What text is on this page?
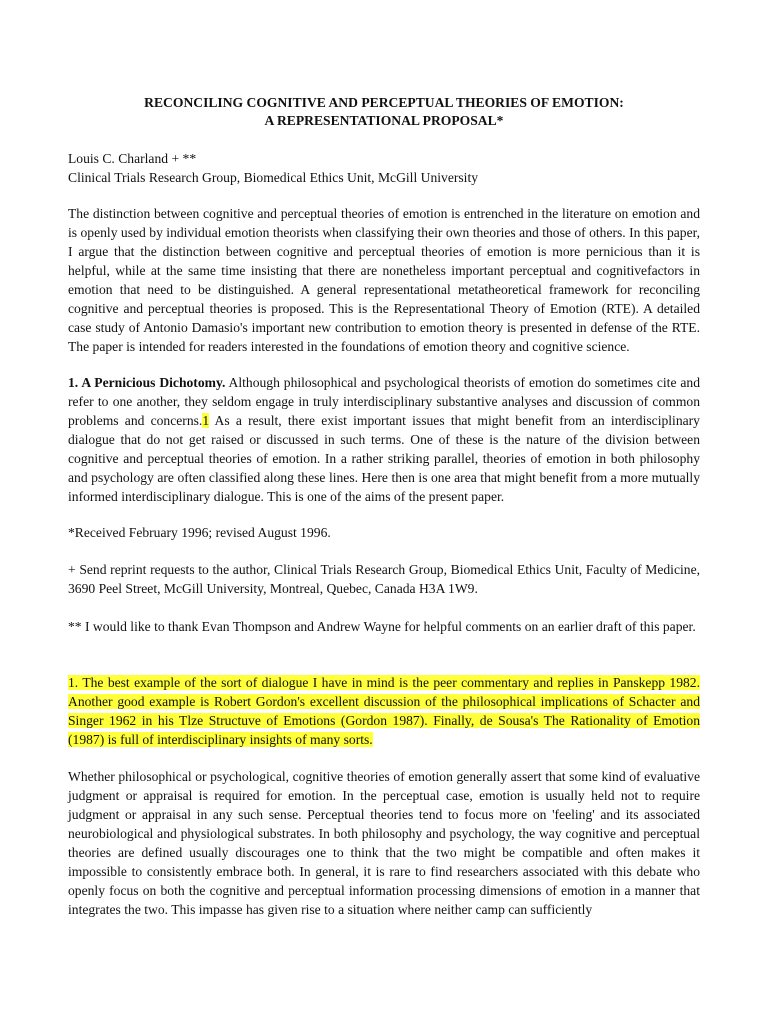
RECONCILING COGNITIVE AND PERCEPTUAL THEORIES OF EMOTION:
A REPRESENTATIONAL PROPOSAL*

Louis C. Charland + **

Clinical Trials Research Group, Biomedical Ethics Unit, McGill University

The distinction between cognitive and perceptual theories of emotion is entrenched in the literature on emotion and is openly used by individual emotion theorists when classifying their own theories and those of others. In this paper, I argue that the distinction between cognitive and perceptual theories of emotion is more pernicious than it is helpful, while at the same time insisting that there are nonetheless important perceptual and cognitivefactors in emotion that need to be distinguished. A general representational metatheoretical framework for reconciling cognitive and perceptual theories is proposed. This is the Representational Theory of Emotion (RTE). A detailed case study of Antonio Damasio's important new contribution to emotion theory is presented in defense of the RTE. The paper is intended for readers interested in the foundations of emotion theory and cognitive science.

1. A Pernicious Dichotomy. Although philosophical and psychological theorists of emotion do sometimes cite and refer to one another, they seldom engage in truly interdisciplinary substantive analyses and discussion of common problems and concerns.1 As a result, there exist important issues that might benefit from an interdisciplinary dialogue that do not get raised or discussed in such terms. One of these is the nature of the division between cognitive and perceptual theories of emotion. In a rather striking parallel, theories of emotion in both philosophy and psychology are often classified along these lines. Here then is one area that might benefit from a more mutually informed interdisciplinary dialogue. This is one of the aims of the present paper.

*Received February 1996; revised August 1996.

+ Send reprint requests to the author, Clinical Trials Research Group, Biomedical Ethics Unit, Faculty of Medicine, 3690 Peel Street, McGill University, Montreal, Quebec, Canada H3A 1W9.

** I would like to thank Evan Thompson and Andrew Wayne for helpful comments on an earlier draft of this paper.

1. The best example of the sort of dialogue I have in mind is the peer commentary and replies in Panskepp 1982. Another good example is Robert Gordon's excellent discussion of the philosophical implications of Schacter and Singer 1962 in his Tlze Structuve of Emotions (Gordon 1987). Finally, de Sousa's The Rationality of Emotion (1987) is full of interdisciplinary insights of many sorts.

Whether philosophical or psychological, cognitive theories of emotion generally assert that some kind of evaluative judgment or appraisal is required for emotion. In the perceptual case, emotion is usually held not to require judgment or appraisal in any such sense. Perceptual theories tend to focus more on 'feeling' and its associated neurobiological and physiological substrates. In both philosophy and psychology, the way cognitive and perceptual theories are defined usually discourages one to think that the two might be compatible and often makes it impossible to consistently embrace both. In general, it is rare to find researchers associated with this debate who openly focus on both the cognitive and perceptual information processing dimensions of emotion in a manner that integrates the two. This impasse has given rise to a situation where neither camp can sufficiently
